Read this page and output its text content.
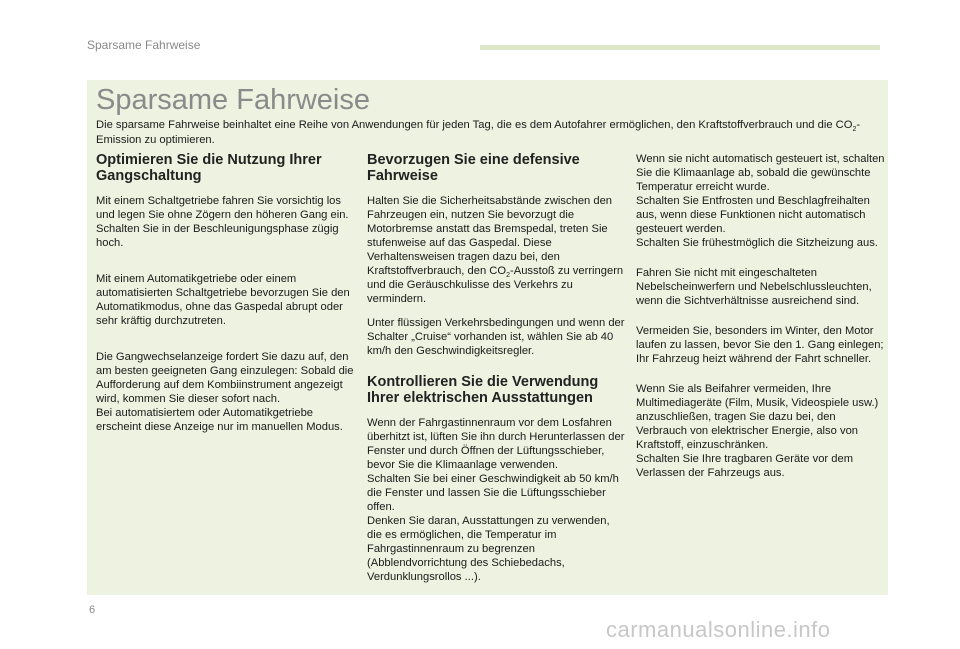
Sparsame Fahrweise
Sparsame Fahrweise

Die sparsame Fahrweise beinhaltet eine Reihe von Anwendungen für jeden Tag, die es dem Autofahrer ermöglichen, den Kraftstoffverbrauch und die $CO_2$-Emission zu optimieren.

Optimieren Sie die Nutzung Ihrer Gangschaltung

Mit einem Schaltgetriebe fahren Sie vorsichtig los und legen Sie ohne Zögern den höheren Gang ein. Schalten Sie in der Beschleunigungsphase zügig hoch.

Mit einem Automatikgetriebe oder einem automatisierten Schaltgetriebe bevorzugen Sie den Automatikmodus, ohne das Gaspedal abrupt oder sehr kräftig durchzutreten.

Die Gangwechselanzeige fordert Sie dazu auf, den am besten geeigneten Gang einzulegen: Sobald die Aufforderung auf dem Kombiinstrument angezeigt wird, kommen Sie dieser sofort nach.
Bei automatisiertem oder Automatikgetriebe erscheint diese Anzeige nur im manuellen Modus.

Bevorzugen Sie eine defensive Fahrweise

Halten Sie die Sicherheitsabstände zwischen den Fahrzeugen ein, nutzen Sie bevorzugt die Motorbremse anstatt das Bremspedal, treten Sie stufenweise auf das Gaspedal. Diese Verhaltensweisen tragen dazu bei, den Kraftstoffverbrauch, den $CO_2$-Ausstoß zu verringern und die Geräuschkulisse des Verkehrs zu vermindern.

Unter flüssigen Verkehrsbedingungen und wenn der Schalter „Cruise“ vorhanden ist, wählen Sie ab 40 km/h den Geschwindigkeitsregler.

Kontrollieren Sie die Verwendung Ihrer elektrischen Ausstattungen

Wenn der Fahrgastinnenraum vor dem Losfahren überhitzt ist, lüften Sie ihn durch Herunterlassen der Fenster und durch Öffnen der Lüftungsschieber, bevor Sie die Klimaanlage verwenden.
Schalten Sie bei einer Geschwindigkeit ab 50 km/h die Fenster und lassen Sie die Lüftungsschieber offen.
Denken Sie daran, Ausstattungen zu verwenden, die es ermöglichen, die Temperatur im Fahrgastinnenraum zu begrenzen (Abblendvorrichtung des Schiebedachs, Verdunklungsrollos ...).

Wenn sie nicht automatisch gesteuert ist, schalten Sie die Klimaanlage ab, sobald die gewünschte Temperatur erreicht wurde.
Schalten Sie Entfrosten und Beschlagfreihalten aus, wenn diese Funktionen nicht automatisch gesteuert werden.
Schalten Sie frühestmöglich die Sitzheizung aus.

Fahren Sie nicht mit eingeschalteten Nebelscheinwerfern und Nebelschlussleuchten, wenn die Sichtverhältnisse ausreichend sind.

Vermeiden Sie, besonders im Winter, den Motor laufen zu lassen, bevor Sie den 1. Gang einlegen; Ihr Fahrzeug heizt während der Fahrt schneller.

Wenn Sie als Beifahrer vermeiden, Ihre Multimediageräte (Film, Musik, Videospiele usw.) anzuschließen, tragen Sie dazu bei, den Verbrauch von elektrischer Energie, also von Kraftstoff, einzuschränken.
Schalten Sie Ihre tragbaren Geräte vor dem Verlassen der Fahrzeugs aus.

6
carmanualsonline.info
